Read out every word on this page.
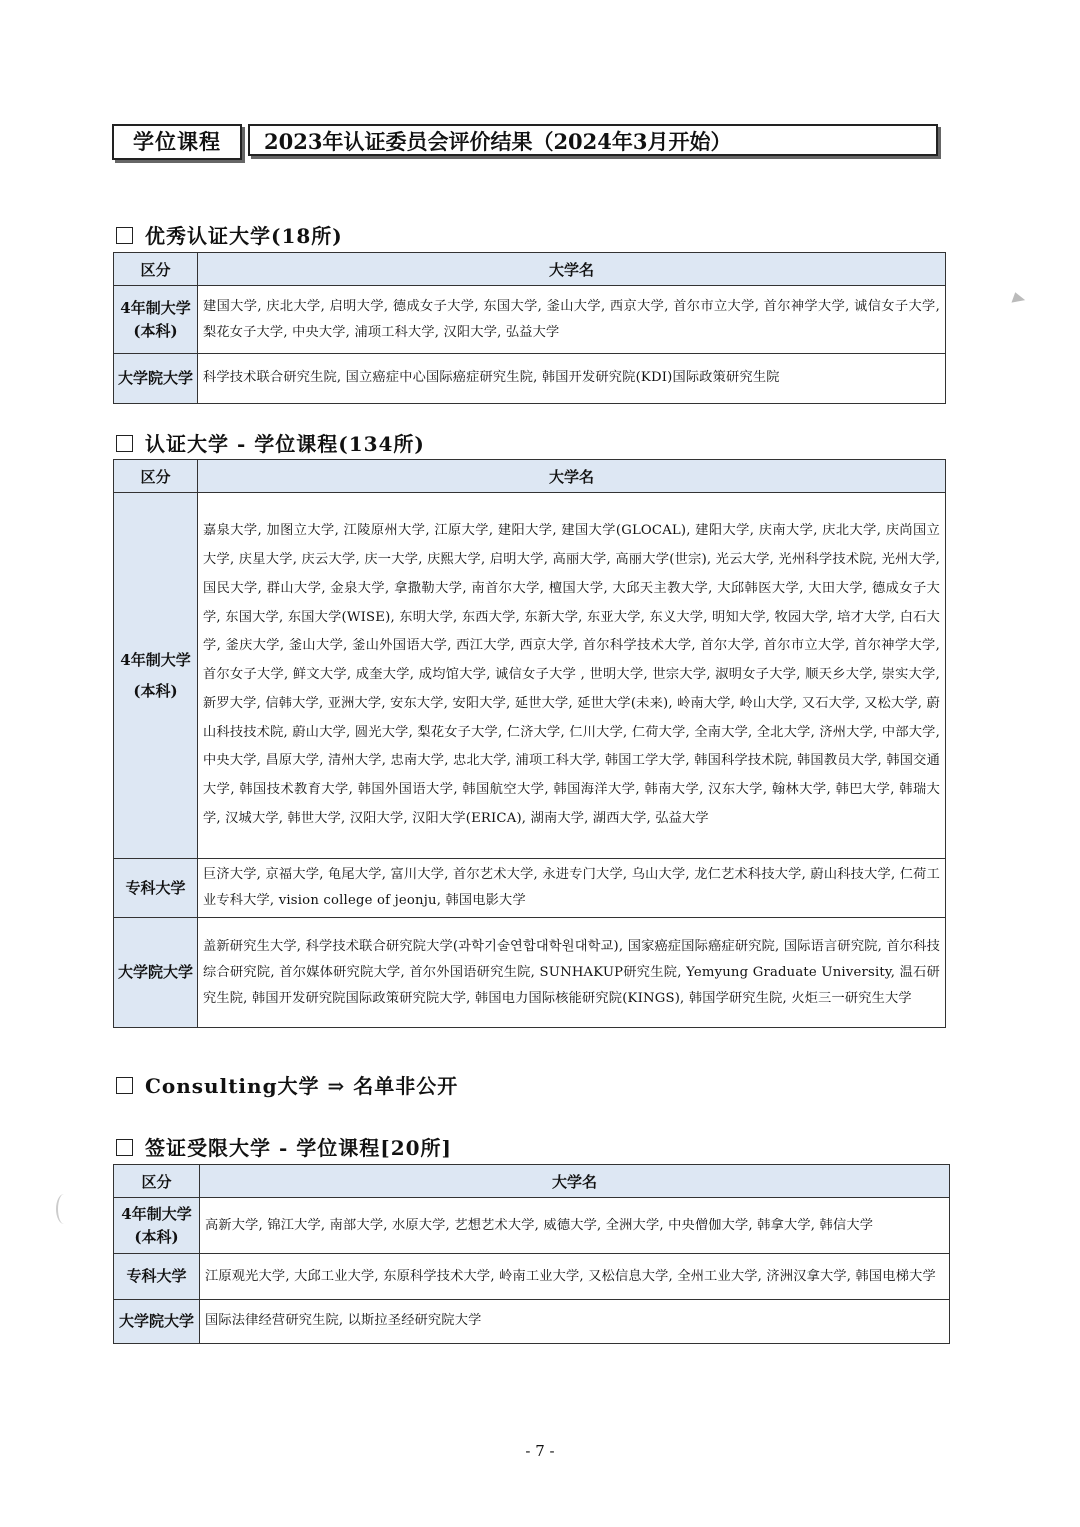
学位课程	2023年认证委员会评价结果（2024年3月开始）
优秀认证大学(18所)
区分	大学名
4年制大学(本科)	建国大学, 庆北大学, 启明大学, 德成女子大学, 东国大学, 釜山大学, 西京大学, 首尔市立大学, 首尔神学大学, 诚信女子大学, 梨花女子大学, 中央大学, 浦项工科大学, 汉阳大学, 弘益大学
大学院大学	科学技术联合研究生院, 国立癌症中心国际癌症研究生院, 韩国开发研究院(KDI)国际政策研究生院
认证大学 - 学位课程(134所)
区分	大学名
4年制大学(本科)	嘉泉大学, 加图立大学, 江陵原州大学, 江原大学, 建阳大学, 建国大学(GLOCAL), 建阳大学, 庆南大学, 庆北大学, 庆尚国立大学, 庆星大学, 庆云大学, 庆一大学, 庆熙大学, 启明大学, 高丽大学, 高丽大学(世宗), 光云大学, 光州科学技术院, 光州大学, 国民大学, 群山大学, 金泉大学, 拿撒勒大学, 南首尔大学, 檀国大学, 大邱天主教大学, 大邱韩医大学, 大田大学, 德成女子大学, 东国大学, 东国大学(WISE), 东明大学, 东西大学, 东新大学, 东亚大学, 东义大学, 明知大学, 牧园大学, 培才大学, 白石大学, 釜庆大学, 釜山大学, 釜山外国语大学, 西江大学, 西京大学, 首尔科学技术大学, 首尔大学, 首尔市立大学, 首尔神学大学, 首尔女子大学, 鲜文大学, 成奎大学, 成均馆大学, 诚信女子大学 , 世明大学, 世宗大学, 淑明女子大学, 顺天乡大学, 崇实大学, 新罗大学, 信韩大学, 亚洲大学, 安东大学, 安阳大学, 延世大学, 延世大学(未来), 岭南大学, 岭山大学, 又石大学, 又松大学, 蔚山科技技术院, 蔚山大学, 圆光大学, 梨花女子大学, 仁济大学, 仁川大学, 仁荷大学, 全南大学, 全北大学, 济州大学, 中部大学, 中央大学, 昌原大学, 清州大学, 忠南大学, 忠北大学, 浦项工科大学, 韩国工学大学, 韩国科学技术院, 韩国教员大学, 韩国交通大学, 韩国技术教育大学, 韩国外国语大学, 韩国航空大学, 韩国海洋大学, 韩南大学, 汉东大学, 翰林大学, 韩巴大学, 韩瑞大学, 汉城大学, 韩世大学, 汉阳大学, 汉阳大学(ERICA), 湖南大学, 湖西大学, 弘益大学
专科大学	巨济大学, 京福大学, 龟尾大学, 富川大学, 首尔艺术大学, 永进专门大学, 乌山大学, 龙仁艺术科技大学, 蔚山科技大学, 仁荷工业专科大学, vision college of jeonju, 韩国电影大学
大学院大学	盖新研究生大学, 科学技术联合研究院大学(과학기술연합대학원대학교), 国家癌症国际癌症研究院, 国际语言研究院, 首尔科技综合研究院, 首尔媒体研究院大学, 首尔外国语研究生院, SUNHAKUP研究生院, Yemyung Graduate University, 温石研究生院, 韩国开发研究院国际政策研究院大学, 韩国电力国际核能研究院(KINGS), 韩国学研究生院, 火炬三一研究生大学
Consulting大学 ⇒ 名单非公开
签证受限大学 - 学位课程[20所]
区分	大学名
4年制大学(本科)	高新大学, 锦江大学, 南部大学, 水原大学, 艺想艺术大学, 威德大学, 全洲大学, 中央僧伽大学, 韩拿大学, 韩信大学
专科大学	江原观光大学, 大邱工业大学, 东原科学技术大学, 岭南工业大学, 又松信息大学, 全州工业大学, 济洲汉拿大学, 韩国电梯大学
大学院大学	国际法律经营研究生院, 以斯拉圣经研究院大学
- 7 -
